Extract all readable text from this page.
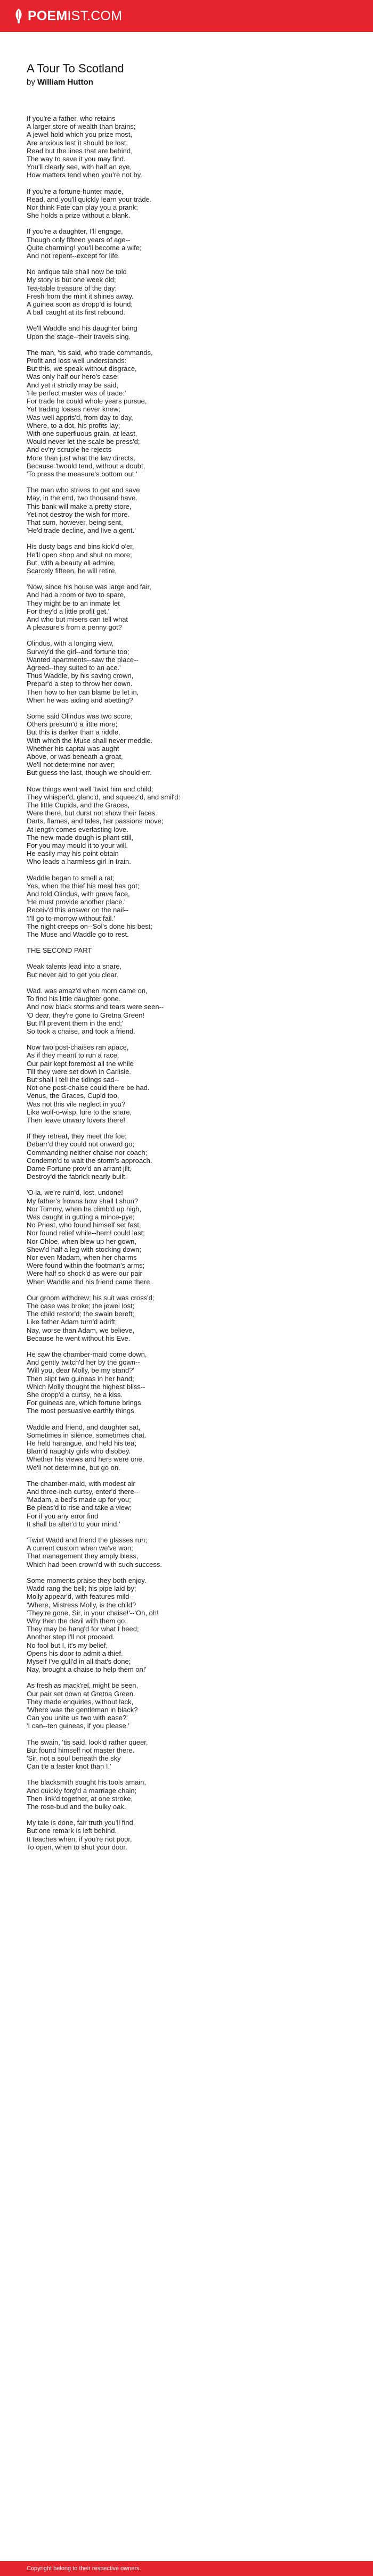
POEMIST.COM
A Tour To Scotland
by William Hutton
If you're a father, who retains
A larger store of wealth than brains;
A jewel hold which you prize most,
Are anxious lest it should be lost,
Read but the lines that are behind,
The way to save it you may find.
You'll clearly see, with half an eye,
How matters tend when you're not by.
If you're a fortune-hunter made,
Read, and you'll quickly learn your trade.
Nor think Fate can play you a prank;
She holds a prize without a blank.
If you're a daughter, I'll engage,
Though only fifteen years of age--
Quite charming! you'll become a wife;
And not repent--except for life.
No antique tale shall now be told
My story is but one week old;
Tea-table treasure of the day;
Fresh from the mint it shines away.
A guinea soon as dropp'd is found;
A ball caught at its first rebound.
We'll Waddle and his daughter bring
Upon the stage--their travels sing.
The man, 'tis said, who trade commands,
Profit and loss well understands:
But this, we speak without disgrace,
Was only half our hero's case;
And yet it strictly may be said,
'He perfect master was of trade:'
For trade he could whole years pursue,
Yet trading losses never knew;
Was well appris'd, from day to day,
Where, to a dot, his profits lay;
With one superfluous grain, at least,
Would never let the scale be press'd;
And ev'ry scruple he rejects
More than just what the law directs,
Because 'twould tend, without a doubt,
'To press the measure's bottom out.'
The man who strives to get and save
May, in the end, two thousand have.
This bank will make a pretty store,
Yet not destroy the wish for more.
That sum, however, being sent,
'He'd trade decline, and live a gent.'
His dusty bags and bins kick'd o'er,
He'll open shop and shut no more;
But, with a beauty all admire,
Scarcely fifteen, he will retire,
'Now, since his house was large and fair,
And had a room or two to spare,
They might be to an inmate let
For they'd a little profit get.'
And who but misers can tell what
A pleasure's from a penny got?
Olindus, with a longing view,
Survey'd the girl--and fortune too;
Wanted apartments--saw the place--
Agreed--they suited to an ace.'
Thus Waddle, by his saving crown,
Prepar'd a step to throw her down.
Then how to her can blame be let in,
When he was aiding and abetting?
Some said Olindus was two score;
Others presum'd a little more;
But this is darker than a riddle,
With which the Muse shall never meddle.
Whether his capital was aught
Above, or was beneath a groat,
We'll not determine nor aver;
But guess the last, though we should err.
Now things went well 'twixt him and child;
They whisper'd, glanc'd, and squeez'd, and smil'd:
The little Cupids, and the Graces,
Were there, but durst not show their faces.
Darts, flames, and tales, her passions move;
At length comes everlasting love.
The new-made dough is pliant still,
For you may mould it to your will.
He easily may his point obtain
Who leads a harmless girl in train.
Waddle began to smell a rat;
Yes, when the thief his meal has got;
And told Olindus, with grave face,
'He must provide another place.'
Receiv'd this answer on the nail--
'I'll go to-morrow without fail.'
The night creeps on--Sol's done his best;
The Muse and Waddle go to rest.
THE SECOND PART
Weak talents lead into a snare,
But never aid to get you clear.
Wad. was amaz'd when morn came on,
To find his little daughter gone.
And now black storms and tears were seen--
'O dear, they're gone to Gretna Green!
But I'll prevent them in the end;'
So took a chaise, and took a friend.
Now two post-chaises ran apace,
As if they meant to run a race.
Our pair kept foremost all the while
Till they were set down in Carlisle.
But shall I tell the tidings sad--
Not one post-chaise could there be had.
Venus, the Graces, Cupid too,
Was not this vile neglect in you?
Like wolf-o-wisp, lure to the snare,
Then leave unwary lovers there!
If they retreat, they meet the foe;
Debarr'd they could not onward go;
Commanding neither chaise nor coach;
Condemn'd to wait the storm's approach.
Dame Fortune prov'd an arrant jilt,
Destroy'd the fabrick nearly built.
'O la, we're ruin'd, lost, undone!
My father's frowns how shall I shun?
Nor Tommy, when he climb'd up high,
Was caught in gutting a mince-pye;
No Priest, who found himself set fast,
Nor found relief while--hem! could last;
Nor Chloe, when blew up her gown,
Shew'd half a leg with stocking down;
Nor even Madam, when her charms
Were found within the footman's arms;
Were half so shock'd as were our pair
When Waddle and his friend came there.
Our groom withdrew; his suit was cross'd;
The case was broke; the jewel lost;
The child restor'd; the swain bereft;
Like father Adam turn'd adrift;
Nay, worse than Adam, we believe,
Because he went without his Eve.
He saw the chamber-maid come down,
And gently twitch'd her by the gown--
'Will you, dear Molly, be my stand?'
Then slipt two guineas in her hand;
Which Molly thought the highest bliss--
She dropp'd a curtsy, he a kiss.
For guineas are, which fortune brings,
The most persuasive earthly things.
Waddle and friend, and daughter sat,
Sometimes in silence, sometimes chat.
He held harangue, and held his tea;
Blam'd naughty girls who disobey.
Whether his views and hers were one,
We'll not determine, but go on.
The chamber-maid, with modest air
And three-inch curtsy, enter'd there--
'Madam, a bed's made up for you;
Be pleas'd to rise and take a view;
For if you any error find
It shall be alter'd to your mind.'
'Twixt Wadd and friend the glasses run;
A current custom when we've won;
That management they amply bless,
Which had been crown'd with such success.
Some moments praise they both enjoy.
Wadd rang the bell; his pipe laid by;
Molly appear'd, with features mild--
'Where, Mistress Molly, is the child?
'They're gone, Sir, in your chaise!'--'Oh, oh!
Why then the devil with them go.
They may be hang'd for what I heed;
Another step I'll not proceed.
No fool but I, it's my belief,
Opens his door to admit a thief.
Myself I've gull'd in all that's done;
Nay, brought a chaise to help them on!'
As fresh as mack'rel, might be seen,
Our pair set down at Gretna Green.
They made enquiries, without lack,
'Where was the gentleman in black?
Can you unite us two with ease?'
'I can--ten guineas, if you please.'
The swain, 'tis said, look'd rather queer,
But found himself not master there.
'Sir, not a soul beneath the sky
Can tie a faster knot than I.'
The blacksmith sought his tools amain,
And quickly forg'd a marriage chain;
Then link'd together, at one stroke,
The rose-bud and the bulky oak.
My tale is done, fair truth you'll find,
But one remark is left behind.
It teaches when, if you're not poor,
To open, when to shut your door.
Copyright belong to their respective owners.
